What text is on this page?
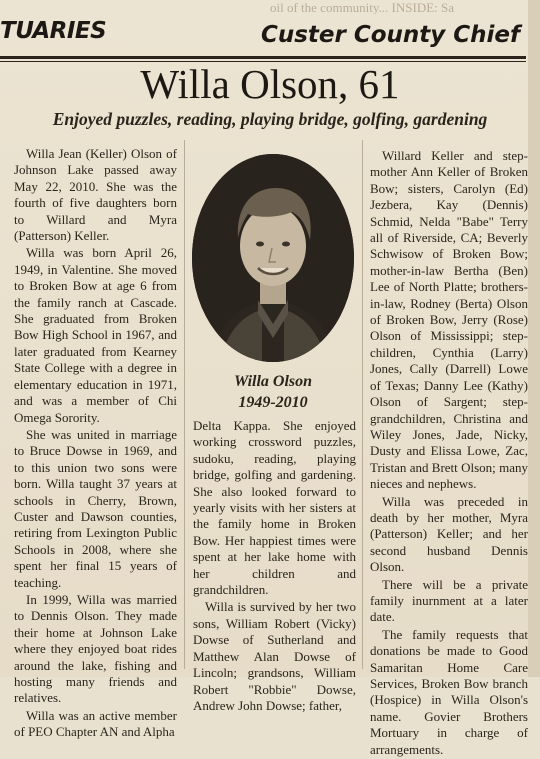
oil of the community... INSIDE: Sa
TUARIES	Custer County Chief
Willa Olson, 61
Enjoyed puzzles, reading, playing bridge, golfing, gardening

Willa Jean (Keller) Olson of Johnson Lake passed away May 22, 2010. She was the fourth of five daughters born to Willard and Myra (Patterson) Keller.

Willa was born April 26, 1949, in Valentine. She moved to Broken Bow at age 6 from the family ranch at Cascade. She graduated from Broken Bow High School in 1967, and later graduated from Kearney State College with a degree in elementary education in 1971, and was a member of Chi Omega Sorority.

She was united in marriage to Bruce Dowse in 1969, and to this union two sons were born. Willa taught 37 years at schools in Cherry, Brown, Custer and Dawson counties, retiring from Lexington Public Schools in 2008, where she spent her final 15 years of teaching.

In 1999, Willa was married to Dennis Olson. They made their home at Johnson Lake where they enjoyed boat rides around the lake, fishing and hosting many friends and relatives.

Willa was an active member of PEO Chapter AN and Alpha

Willa Olson
1949-2010

Delta Kappa. She enjoyed working crossword puzzles, sudoku, reading, playing bridge, golfing and gardening. She also looked forward to yearly visits with her sisters at the family home in Broken Bow. Her happiest times were spent at her lake home with her children and grandchildren.

Willa is survived by her two sons, William Robert (Vicky) Dowse of Sutherland and Matthew Alan Dowse of Lincoln; grandsons, William Robert "Robbie" Dowse, Andrew John Dowse; father,

Willard Keller and step-mother Ann Keller of Broken Bow; sisters, Carolyn (Ed) Jezbera, Kay (Dennis) Schmid, Nelda "Babe" Terry all of Riverside, CA; Beverly Schwisow of Broken Bow; mother-in-law Bertha (Ben) Lee of North Platte; brothers-in-law, Rodney (Berta) Olson of Broken Bow, Jerry (Rose) Olson of Mississippi; step-children, Cynthia (Larry) Jones, Cally (Darrell) Lowe of Texas; Danny Lee (Kathy) Olson of Sargent; step-grandchildren, Christina and Wiley Jones, Jade, Nicky, Dusty and Elissa Lowe, Zac, Tristan and Brett Olson; many nieces and nephews.

Willa was preceded in death by her mother, Myra (Patterson) Keller; and her second husband Dennis Olson.

There will be a private family inurnment at a later date.

The family requests that donations be made to Good Samaritan Home Care Services, Broken Bow branch (Hospice) in Willa Olson's name. Govier Brothers Mortuary in charge of arrangements.
